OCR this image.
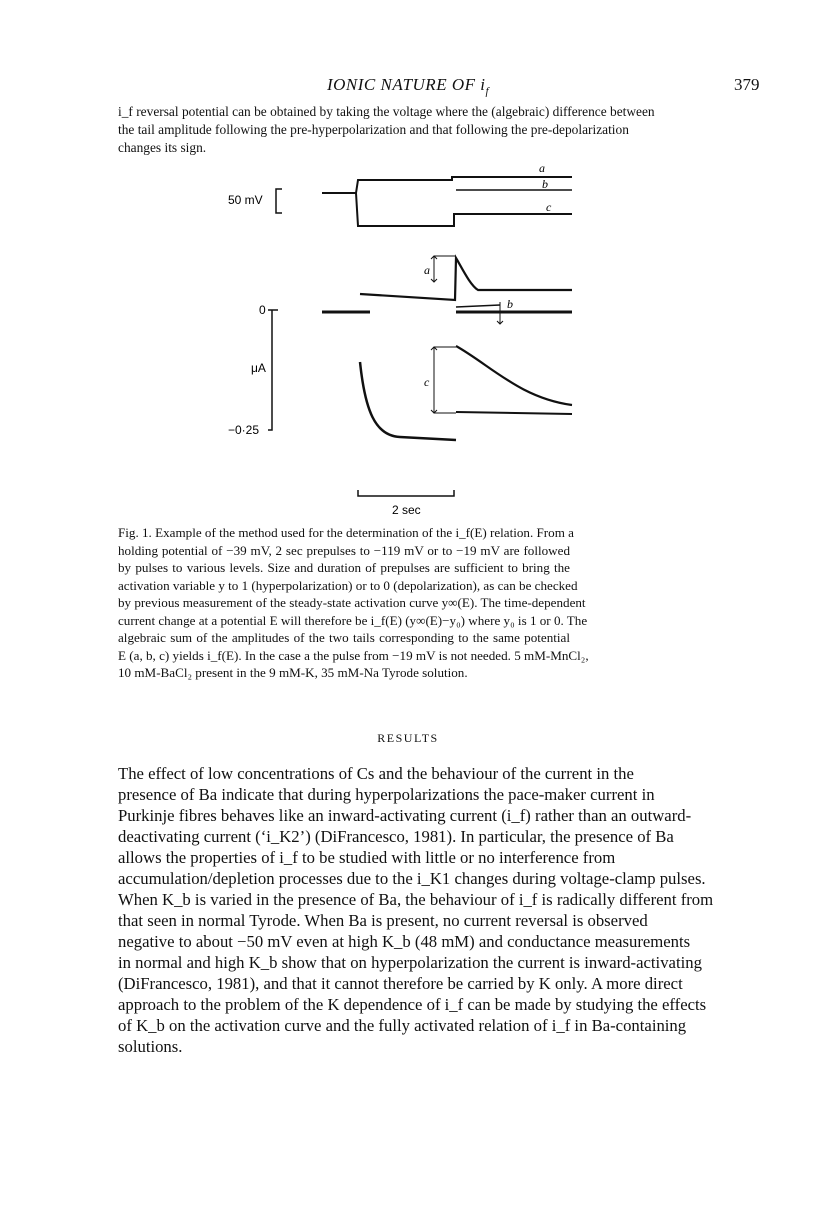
IONIC NATURE OF $i_f$	379
i_f reversal potential can be obtained by taking the voltage where the (algebraic) difference between
the tail amplitude following the pre-hyperpolarization and that following the pre-depolarization
changes its sign.
50 mV
0
μA
−0·25
2 sec
a
b
c
a
b
c
Fig. 1. Example of the method used for the determination of the i_f(E) relation. From a
holding potential of −39 mV, 2 sec prepulses to −119 mV or to −19 mV are followed
by pulses to various levels. Size and duration of prepulses are sufficient to bring the
activation variable y to 1 (hyperpolarization) or to 0 (depolarization), as can be checked
by previous measurement of the steady-state activation curve y∞(E). The time-dependent
current change at a potential E will therefore be i_f(E) (y∞(E)−y₀) where y₀ is 1 or 0. The
algebraic sum of the amplitudes of the two tails corresponding to the same potential
E (a, b, c) yields i_f(E). In the case a the pulse from −19 mV is not needed. 5 mM-MnCl₂,
10 mM-BaCl₂ present in the 9 mM-K, 35 mM-Na Tyrode solution.
RESULTS
The effect of low concentrations of Cs and the behaviour of the current in the
presence of Ba indicate that during hyperpolarizations the pace-maker current in
Purkinje fibres behaves like an inward-activating current (i_f) rather than an outward-
deactivating current (‘i_K2’) (DiFrancesco, 1981). In particular, the presence of Ba
allows the properties of i_f to be studied with little or no interference from
accumulation/depletion processes due to the i_K1 changes during voltage-clamp pulses.
When K_b is varied in the presence of Ba, the behaviour of i_f is radically different from
that seen in normal Tyrode. When Ba is present, no current reversal is observed
negative to about −50 mV even at high K_b (48 mM) and conductance measurements
in normal and high K_b show that on hyperpolarization the current is inward-activating
(DiFrancesco, 1981), and that it cannot therefore be carried by K only. A more direct
approach to the problem of the K dependence of i_f can be made by studying the effects
of K_b on the activation curve and the fully activated relation of i_f in Ba-containing
solutions.
